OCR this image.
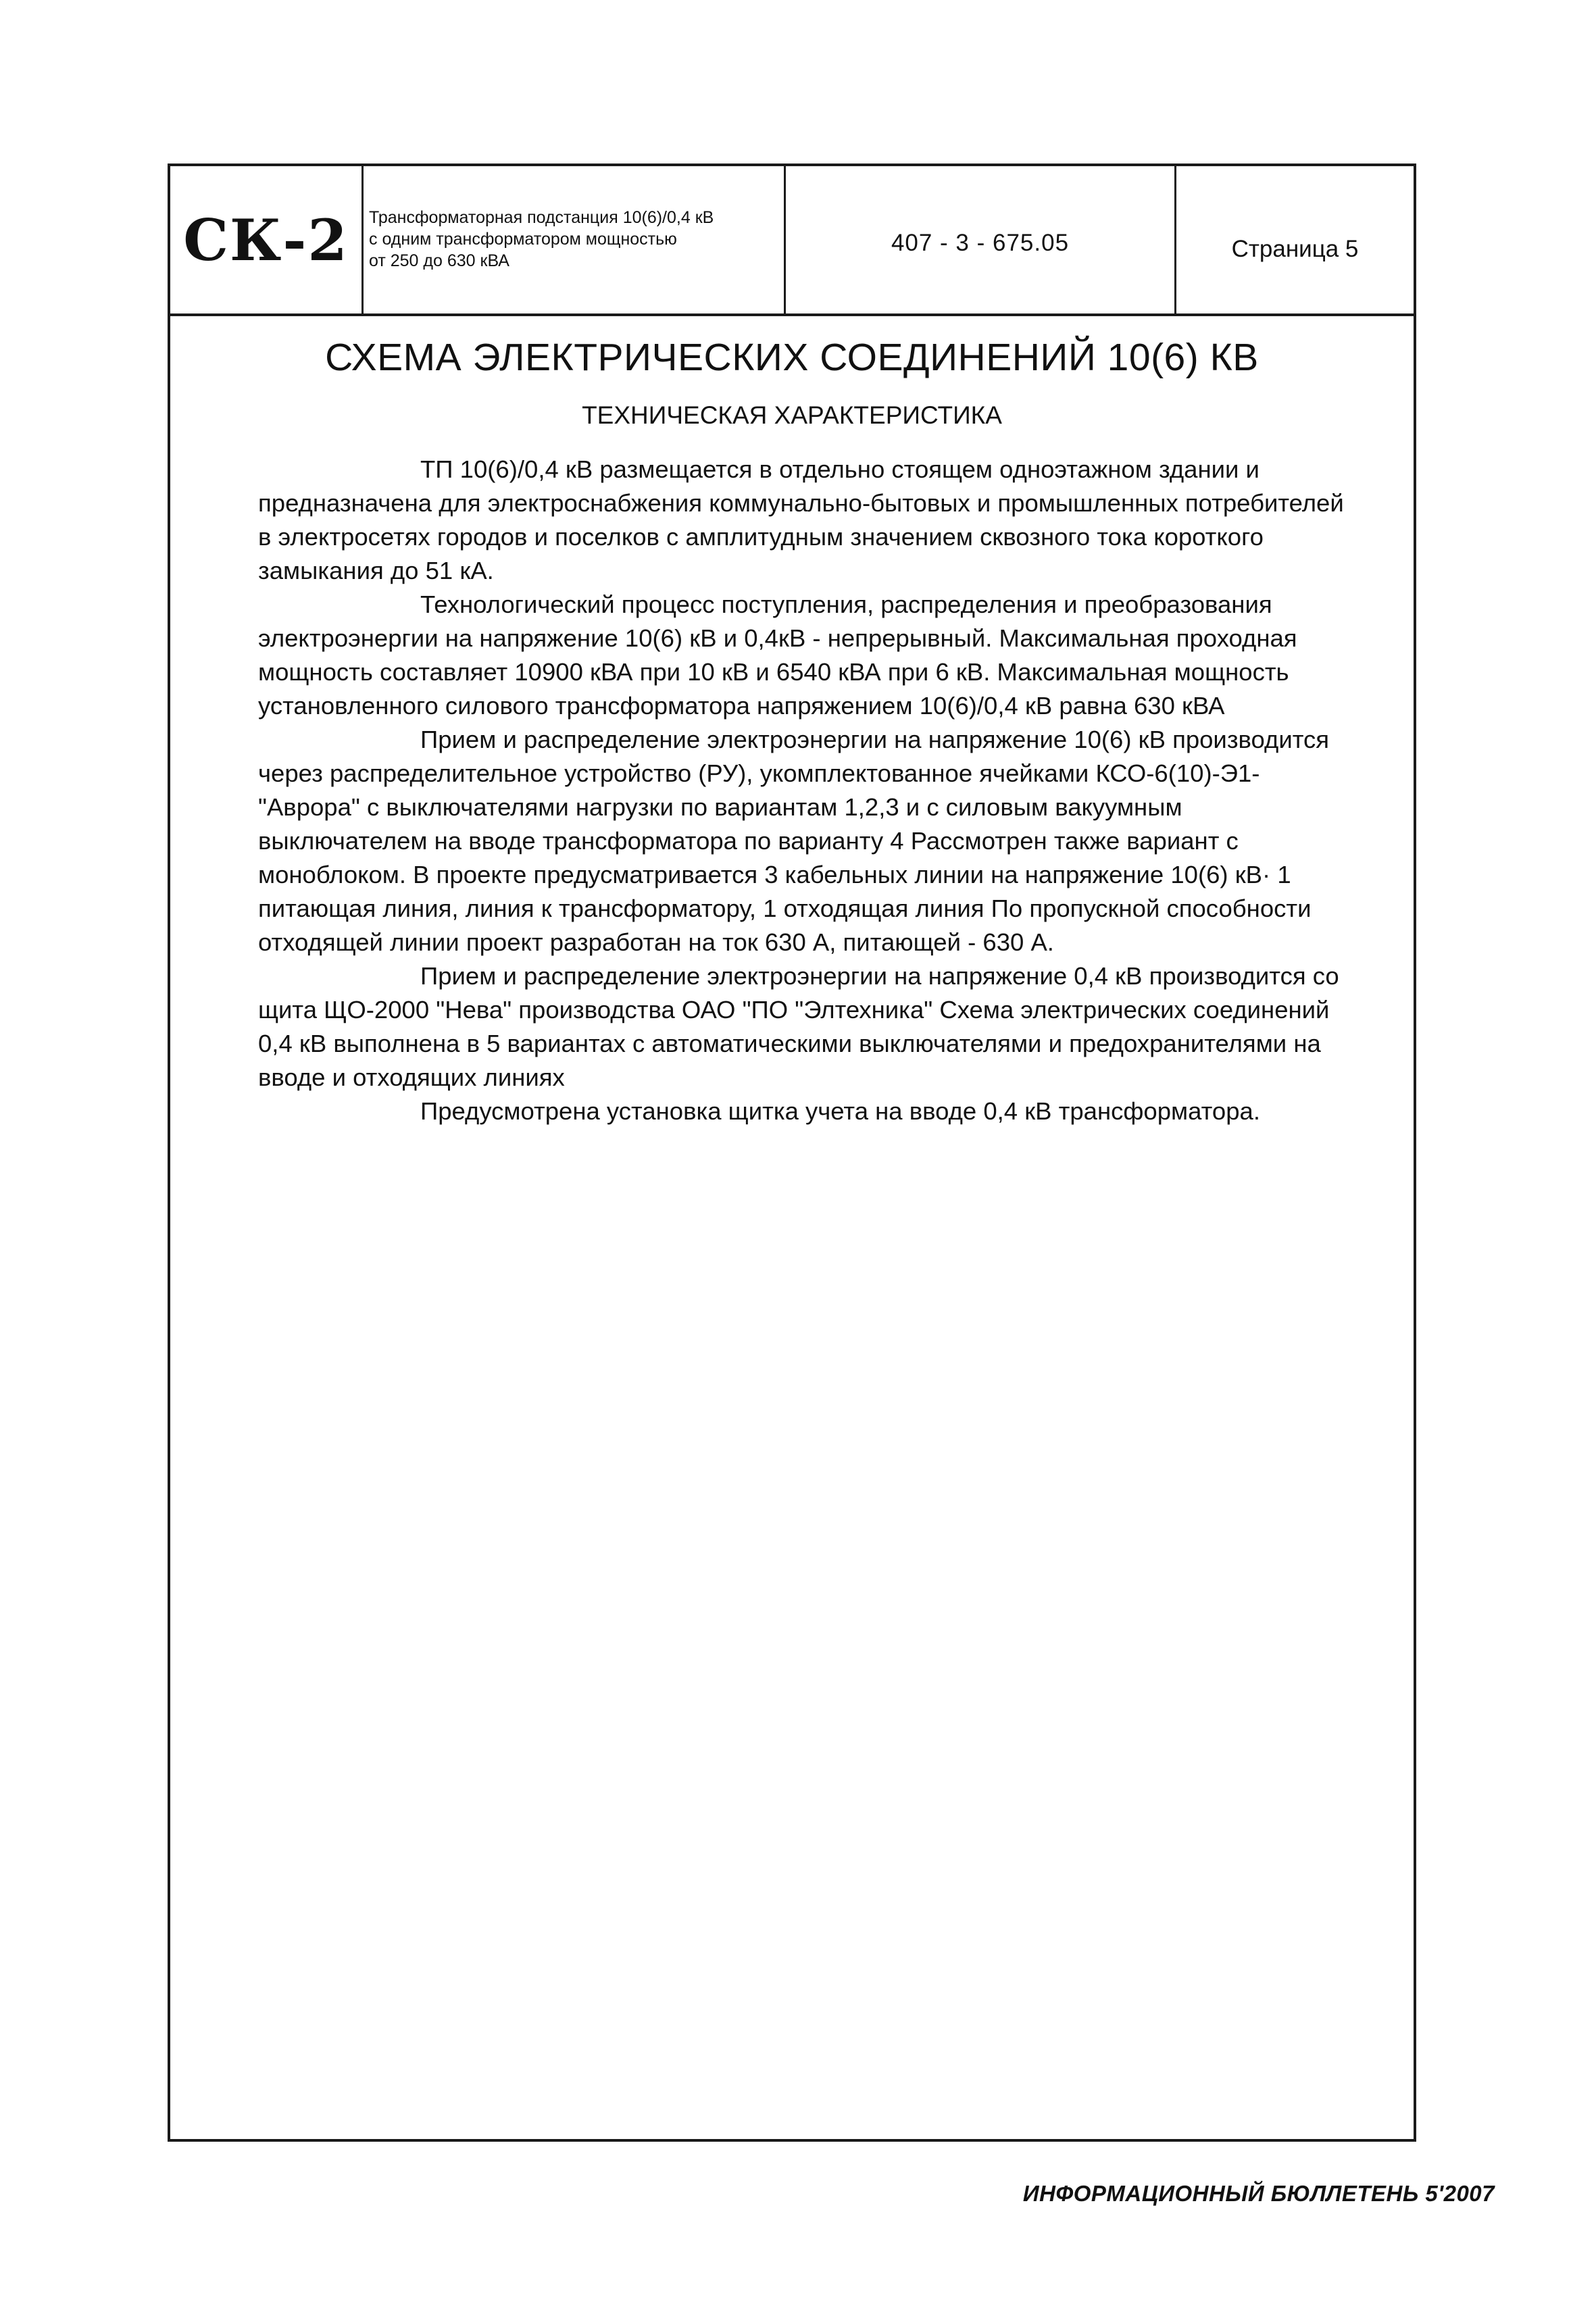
СК-2 Трансформаторная подстанция 10(6)/0,4 кВ
с одним трансформатором мощностью
от 250 до 630 кВА
407 - 3 - 675.05	Страница 5
СХЕМА ЭЛЕКТРИЧЕСКИХ СОЕДИНЕНИЙ 10(6) КВ
ТЕХНИЧЕСКАЯ ХАРАКТЕРИСТИКА

ТП 10(6)/0,4 кВ размещается в отдельно стоящем одноэтажном здании и предназначена для электроснабжения коммунально-бытовых и промышленных потребителей в электросетях городов и поселков с амплитудным значением сквозного тока короткого замыкания до 51 кА.

Технологический процесс поступления, распределения и преобразования электроэнергии на напряжение 10(6) кВ и 0,4кВ - непрерывный. Максимальная проходная мощность составляет 10900 кВА при 10 кВ и 6540 кВА при 6 кВ. Максимальная мощность установленного силового трансформатора напряжением 10(6)/0,4 кВ равна 630 кВА

Прием и распределение электроэнергии на напряжение 10(6) кВ производится через распределительное устройство (РУ), укомплектованное ячейками КСО-6(10)-Э1-"Аврора" с выключателями нагрузки по вариантам 1,2,3 и с силовым вакуумным выключателем на вводе трансформатора по варианту 4 Рассмотрен также вариант с моноблоком. В проекте предусматривается 3 кабельных линии на напряжение 10(6) кВ· 1 питающая линия, линия к трансформатору, 1 отходящая линия По пропускной способности отходящей линии проект разработан на ток 630 А, питающей - 630 А.

Прием и распределение электроэнергии на напряжение 0,4 кВ производится со щита ЩО-2000 "Нева" производства ОАО "ПО "Элтехника" Схема электрических соединений 0,4 кВ выполнена в 5 вариантах с автоматическими выключателями и предохранителями на вводе и отходящих линиях

Предусмотрена установка щитка учета на вводе 0,4 кВ трансформатора.

ИНФОРМАЦИОННЫЙ БЮЛЛЕТЕНЬ 5'2007
